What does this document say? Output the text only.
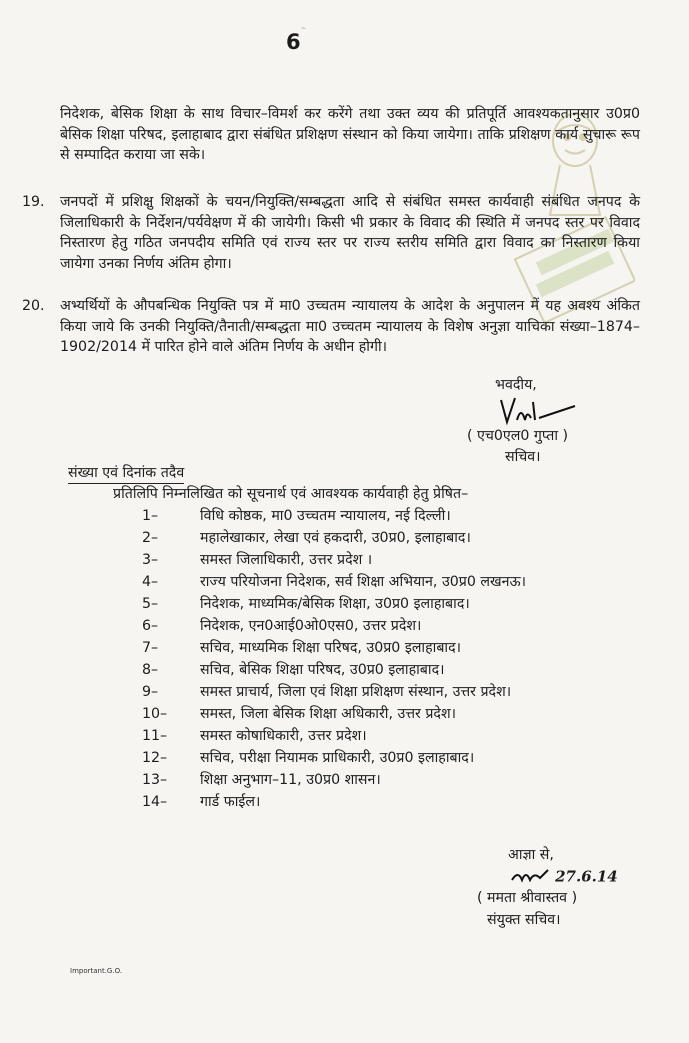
~
6
निदेशक, बेसिक शिक्षा के साथ विचार–विमर्श कर करेंगे तथा उक्त व्यय की प्रतिपूर्ति आवश्यकतानुसार उ0प्र0 बेसिक शिक्षा परिषद, इलाहाबाद द्वारा संबंधित प्रशिक्षण संस्थान को किया जायेगा। ताकि प्रशिक्षण कार्य सुचारू रूप से सम्पादित कराया जा सके।
19. जनपदों में प्रशिक्षु शिक्षकों के चयन/नियुक्ति/सम्बद्धता आदि से संबंधित समस्त कार्यवाही संबंधित जनपद के जिलाधिकारी के निर्देशन/पर्यवेक्षण में की जायेगी। किसी भी प्रकार के विवाद की स्थिति में जनपद स्तर पर विवाद निस्तारण हेतु गठित जनपदीय समिति एवं राज्य स्तर पर राज्य स्तरीय समिति द्वारा विवाद का निस्तारण किया जायेगा उनका निर्णय अंतिम होगा।
20. अभ्यर्थियों के औपबन्धिक नियुक्ति पत्र में मा0 उच्चतम न्यायालय के आदेश के अनुपालन में यह अवश्य अंकित किया जाये कि उनकी नियुक्ति/तैनाती/सम्बद्धता मा0 उच्चतम न्यायालय के विशेष अनुज्ञा याचिका संख्या–1874–1902/2014 में पारित होने वाले अंतिम निर्णय के अधीन होगी।
भवदीय,
( एच0एल0 गुप्ता )
सचिव।
संख्या एवं दिनांक तदैव
प्रतिलिपि निम्नलिखित को सूचनार्थ एवं आवश्यक कार्यवाही हेतु प्रेषित–
1–	विधि कोष्ठक, मा0 उच्चतम न्यायालय, नई दिल्ली।
2–	महालेखाकार, लेखा एवं हकदारी, उ0प्र0, इलाहाबाद।
3–	समस्त जिलाधिकारी, उत्तर प्रदेश ।
4–	राज्य परियोजना निदेशक, सर्व शिक्षा अभियान, उ0प्र0 लखनऊ।
5–	निदेशक, माध्यमिक/बेसिक शिक्षा, उ0प्र0 इलाहाबाद।
6–	निदेशक, एन0आई0ओ0एस0, उत्तर प्रदेश।
7–	सचिव, माध्यमिक शिक्षा परिषद, उ0प्र0 इलाहाबाद।
8–	सचिव, बेसिक शिक्षा परिषद, उ0प्र0 इलाहाबाद।
9–	समस्त प्राचार्य, जिला एवं शिक्षा प्रशिक्षण संस्थान, उत्तर प्रदेश।
10–	समस्त, जिला बेसिक शिक्षा अधिकारी, उत्तर प्रदेश।
11–	समस्त कोषाधिकारी, उत्तर प्रदेश।
12–	सचिव, परीक्षा नियामक प्राधिकारी, उ0प्र0 इलाहाबाद।
13–	शिक्षा अनुभाग–11, उ0प्र0 शासन।
14–	गार्ड फाईल।
आज्ञा से,
27.6.14
( ममता श्रीवास्तव )
संयुक्त सचिव।
Important.G.O.
